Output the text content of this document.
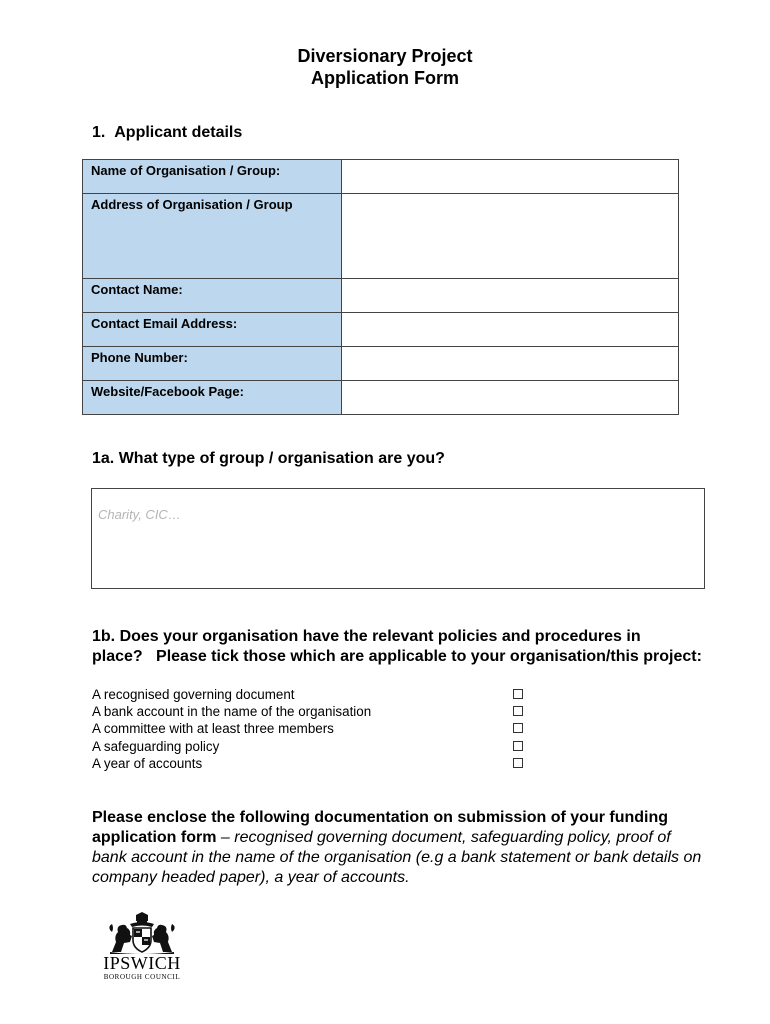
Diversionary Project
Application Form
1.  Applicant details
Name of Organisation / Group:	
Address of Organisation / Group	
Contact Name:	
Contact Email Address:	
Phone Number:	
Website/Facebook Page:	
1a. What type of group / organisation are you?
Charity, CIC…
1b. Does your organisation have the relevant policies and procedures in place?   Please tick those which are applicable to your organisation/this project:
A recognised governing document
A bank account in the name of the organisation
A committee with at least three members
A safeguarding policy
A year of accounts
Please enclose the following documentation on submission of your funding application form – recognised governing document, safeguarding policy, proof of bank account in the name of the organisation (e.g a bank statement or bank details on company headed paper), a year of accounts.
IPSWICH
BOROUGH COUNCIL
